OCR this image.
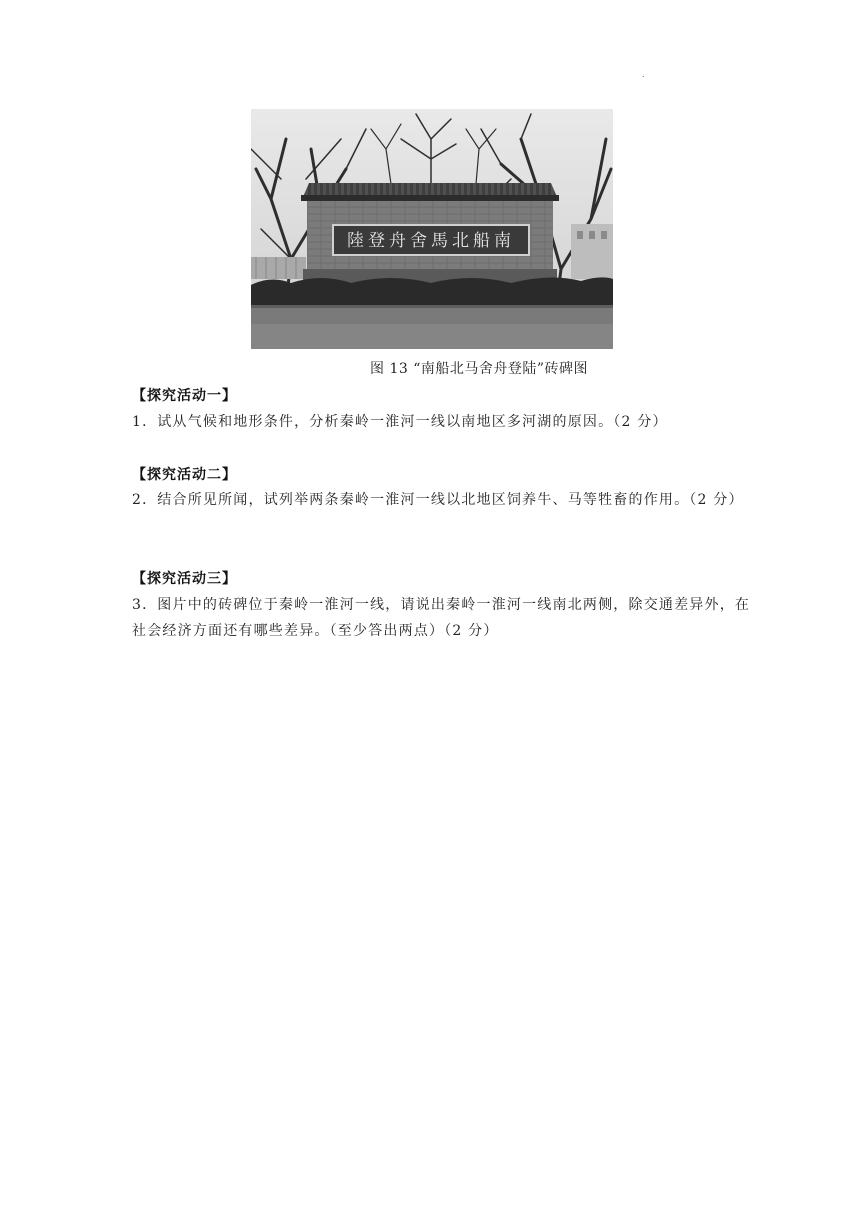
.
陸登舟舍馬北船南
图 13 “南船北马舍舟登陆”砖碑图
【探究活动一】
1．试从气候和地形条件，分析秦岭一淮河一线以南地区多河湖的原因。（2 分）
【探究活动二】
2．结合所见所闻，试列举两条秦岭一淮河一线以北地区饲养牛、马等牲畜的作用。（2 分）
【探究活动三】
3．图片中的砖碑位于秦岭一淮河一线，请说出秦岭一淮河一线南北两侧，除交通差异外，在社会经济方面还有哪些差异。（至少答出两点）（2 分）
